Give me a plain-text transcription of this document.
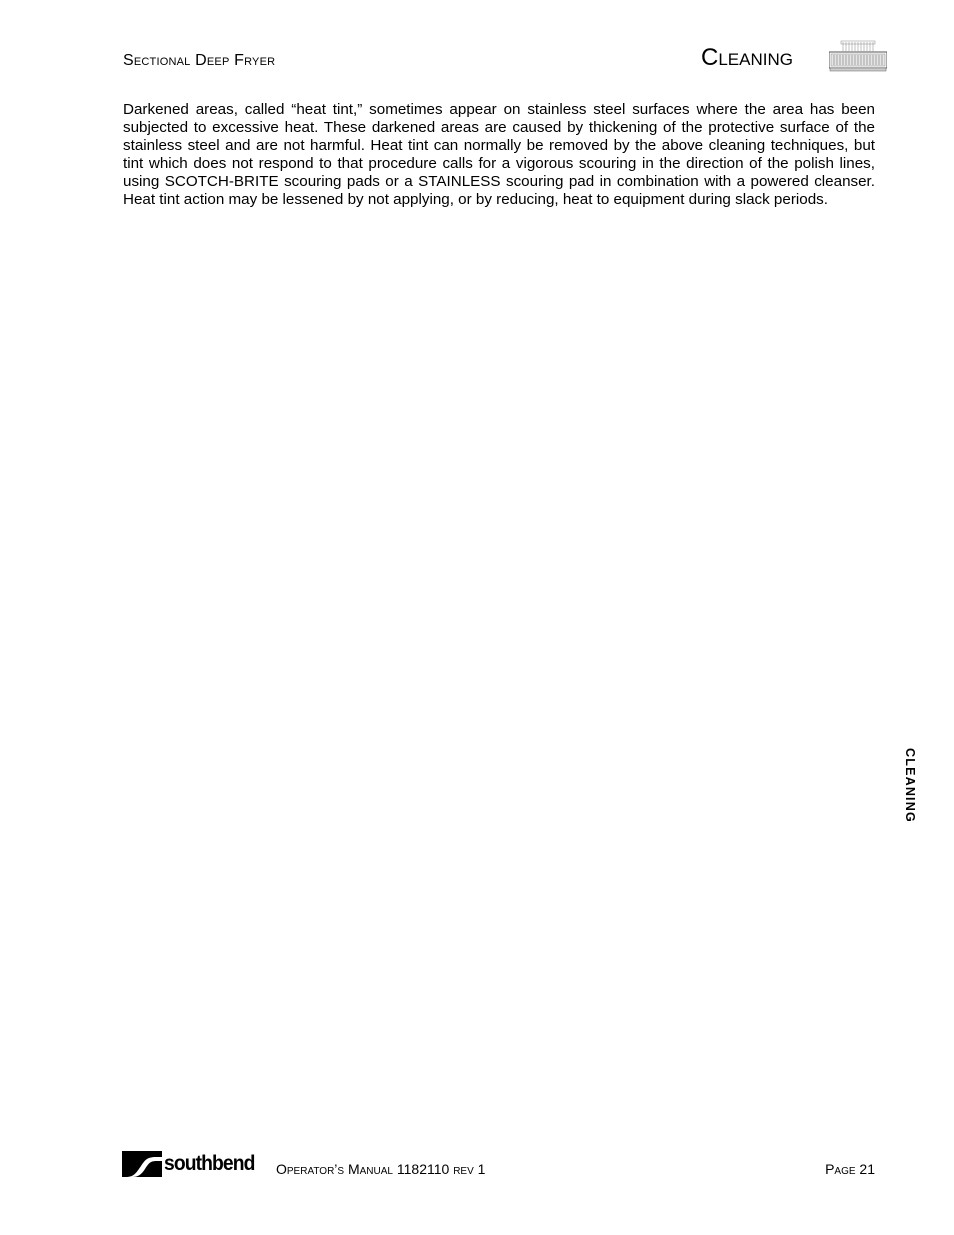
Sectional Deep Fryer	Cleaning

Darkened areas, called “heat tint,” sometimes appear on stainless steel surfaces where the area has been subjected to excessive heat. These darkened areas are caused by thickening of the protective surface of the stainless steel and are not harmful. Heat tint can normally be removed by the above cleaning techniques, but tint which does not respond to that procedure calls for a vigorous scouring in the direction of the polish lines, using SCOTCH-BRITE scouring pads or a STAINLESS scouring pad in combination with a powered cleanser. Heat tint action may be lessened by not applying, or by reducing, heat to equipment during slack periods.

CLEANING
southbend Operator’s Manual 1182110 rev 1	Page 21
